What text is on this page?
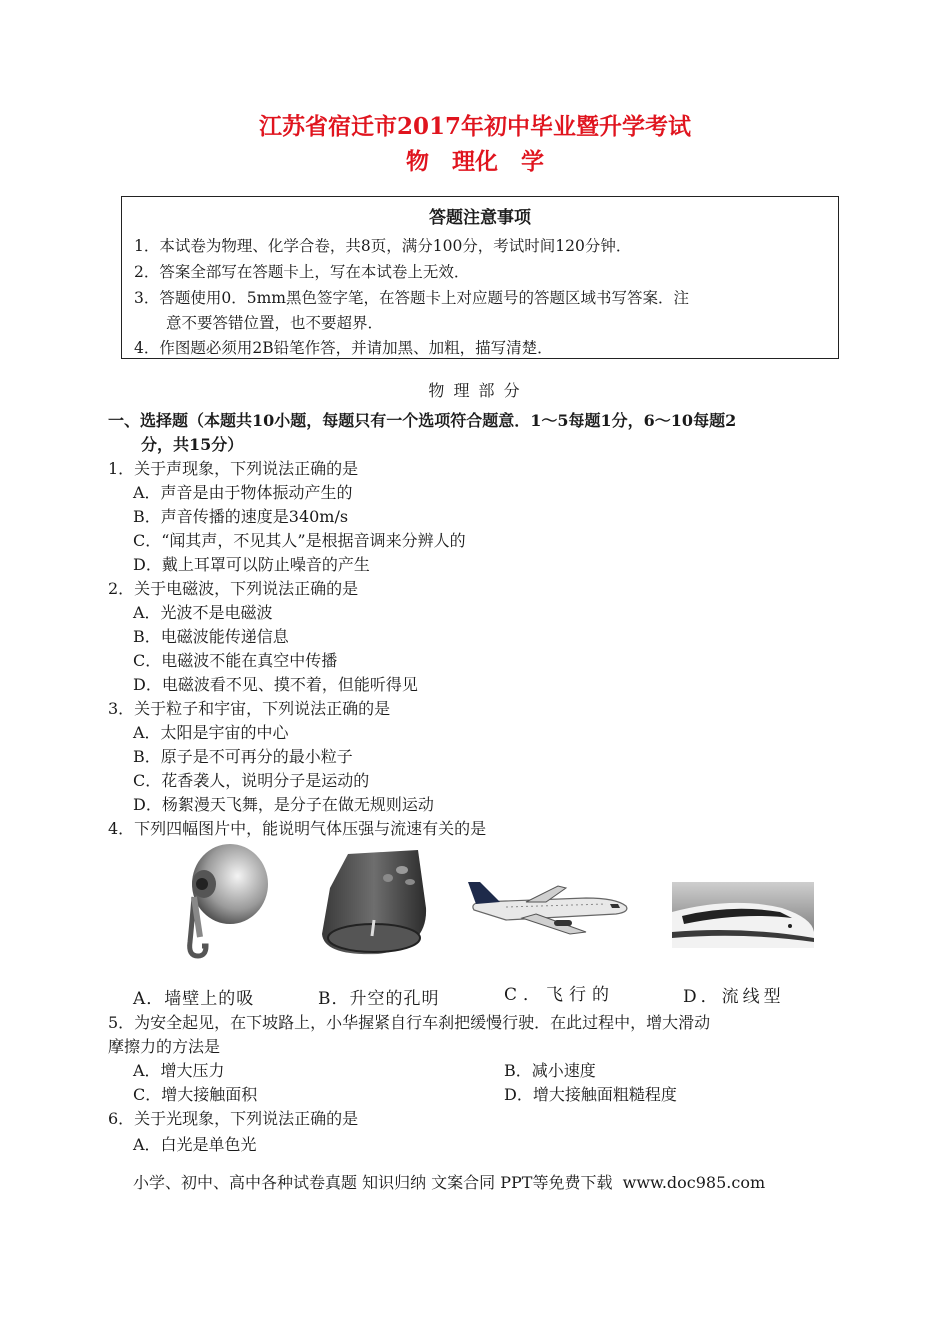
江苏省宿迁市2017年初中毕业暨升学考试
物　理化　学
答题注意事项
1．本试卷为物理、化学合卷，共8页，满分100分，考试时间120分钟．
2．答案全部写在答题卡上，写在本试卷上无效．
3．答题使用0．5mm黑色签字笔，在答题卡上对应题号的答题区域书写答案．注
意不要答错位置，也不要超界．
4．作图题必须用2B铅笔作答，并请加黑、加粗，描写清楚．
物 理 部 分
一、选择题（本题共10小题，每题只有一个选项符合题意．1～5每题1分，6～10每题2
分，共15分）
1．关于声现象，下列说法正确的是
A．声音是由于物体振动产生的
B．声音传播的速度是340m/s
C．“闻其声，不见其人”是根据音调来分辨人的
D．戴上耳罩可以防止噪音的产生
2．关于电磁波，下列说法正确的是
A．光波不是电磁波
B．电磁波能传递信息
C．电磁波不能在真空中传播
D．电磁波看不见、摸不着，但能听得见
3．关于粒子和宇宙，下列说法正确的是
A．太阳是宇宙的中心
B．原子是不可再分的最小粒子
C．花香袭人，说明分子是运动的
D．杨絮漫天飞舞，是分子在做无规则运动
4．下列四幅图片中，能说明气体压强与流速有关的是
A．墙壁上的吸	B．升空的孔明	C．飞行的	D．流线型
5．为安全起见，在下坡路上，小华握紧自行车刹把缓慢行驶．在此过程中，增大滑动
摩擦力的方法是
A．增大压力	B．减小速度
C．增大接触面积	D．增大接触面粗糙程度
6．关于光现象，下列说法正确的是
A．白光是单色光
小学、初中、高中各种试卷真题 知识归纳 文案合同 PPT等免费下载 www.doc985.com
